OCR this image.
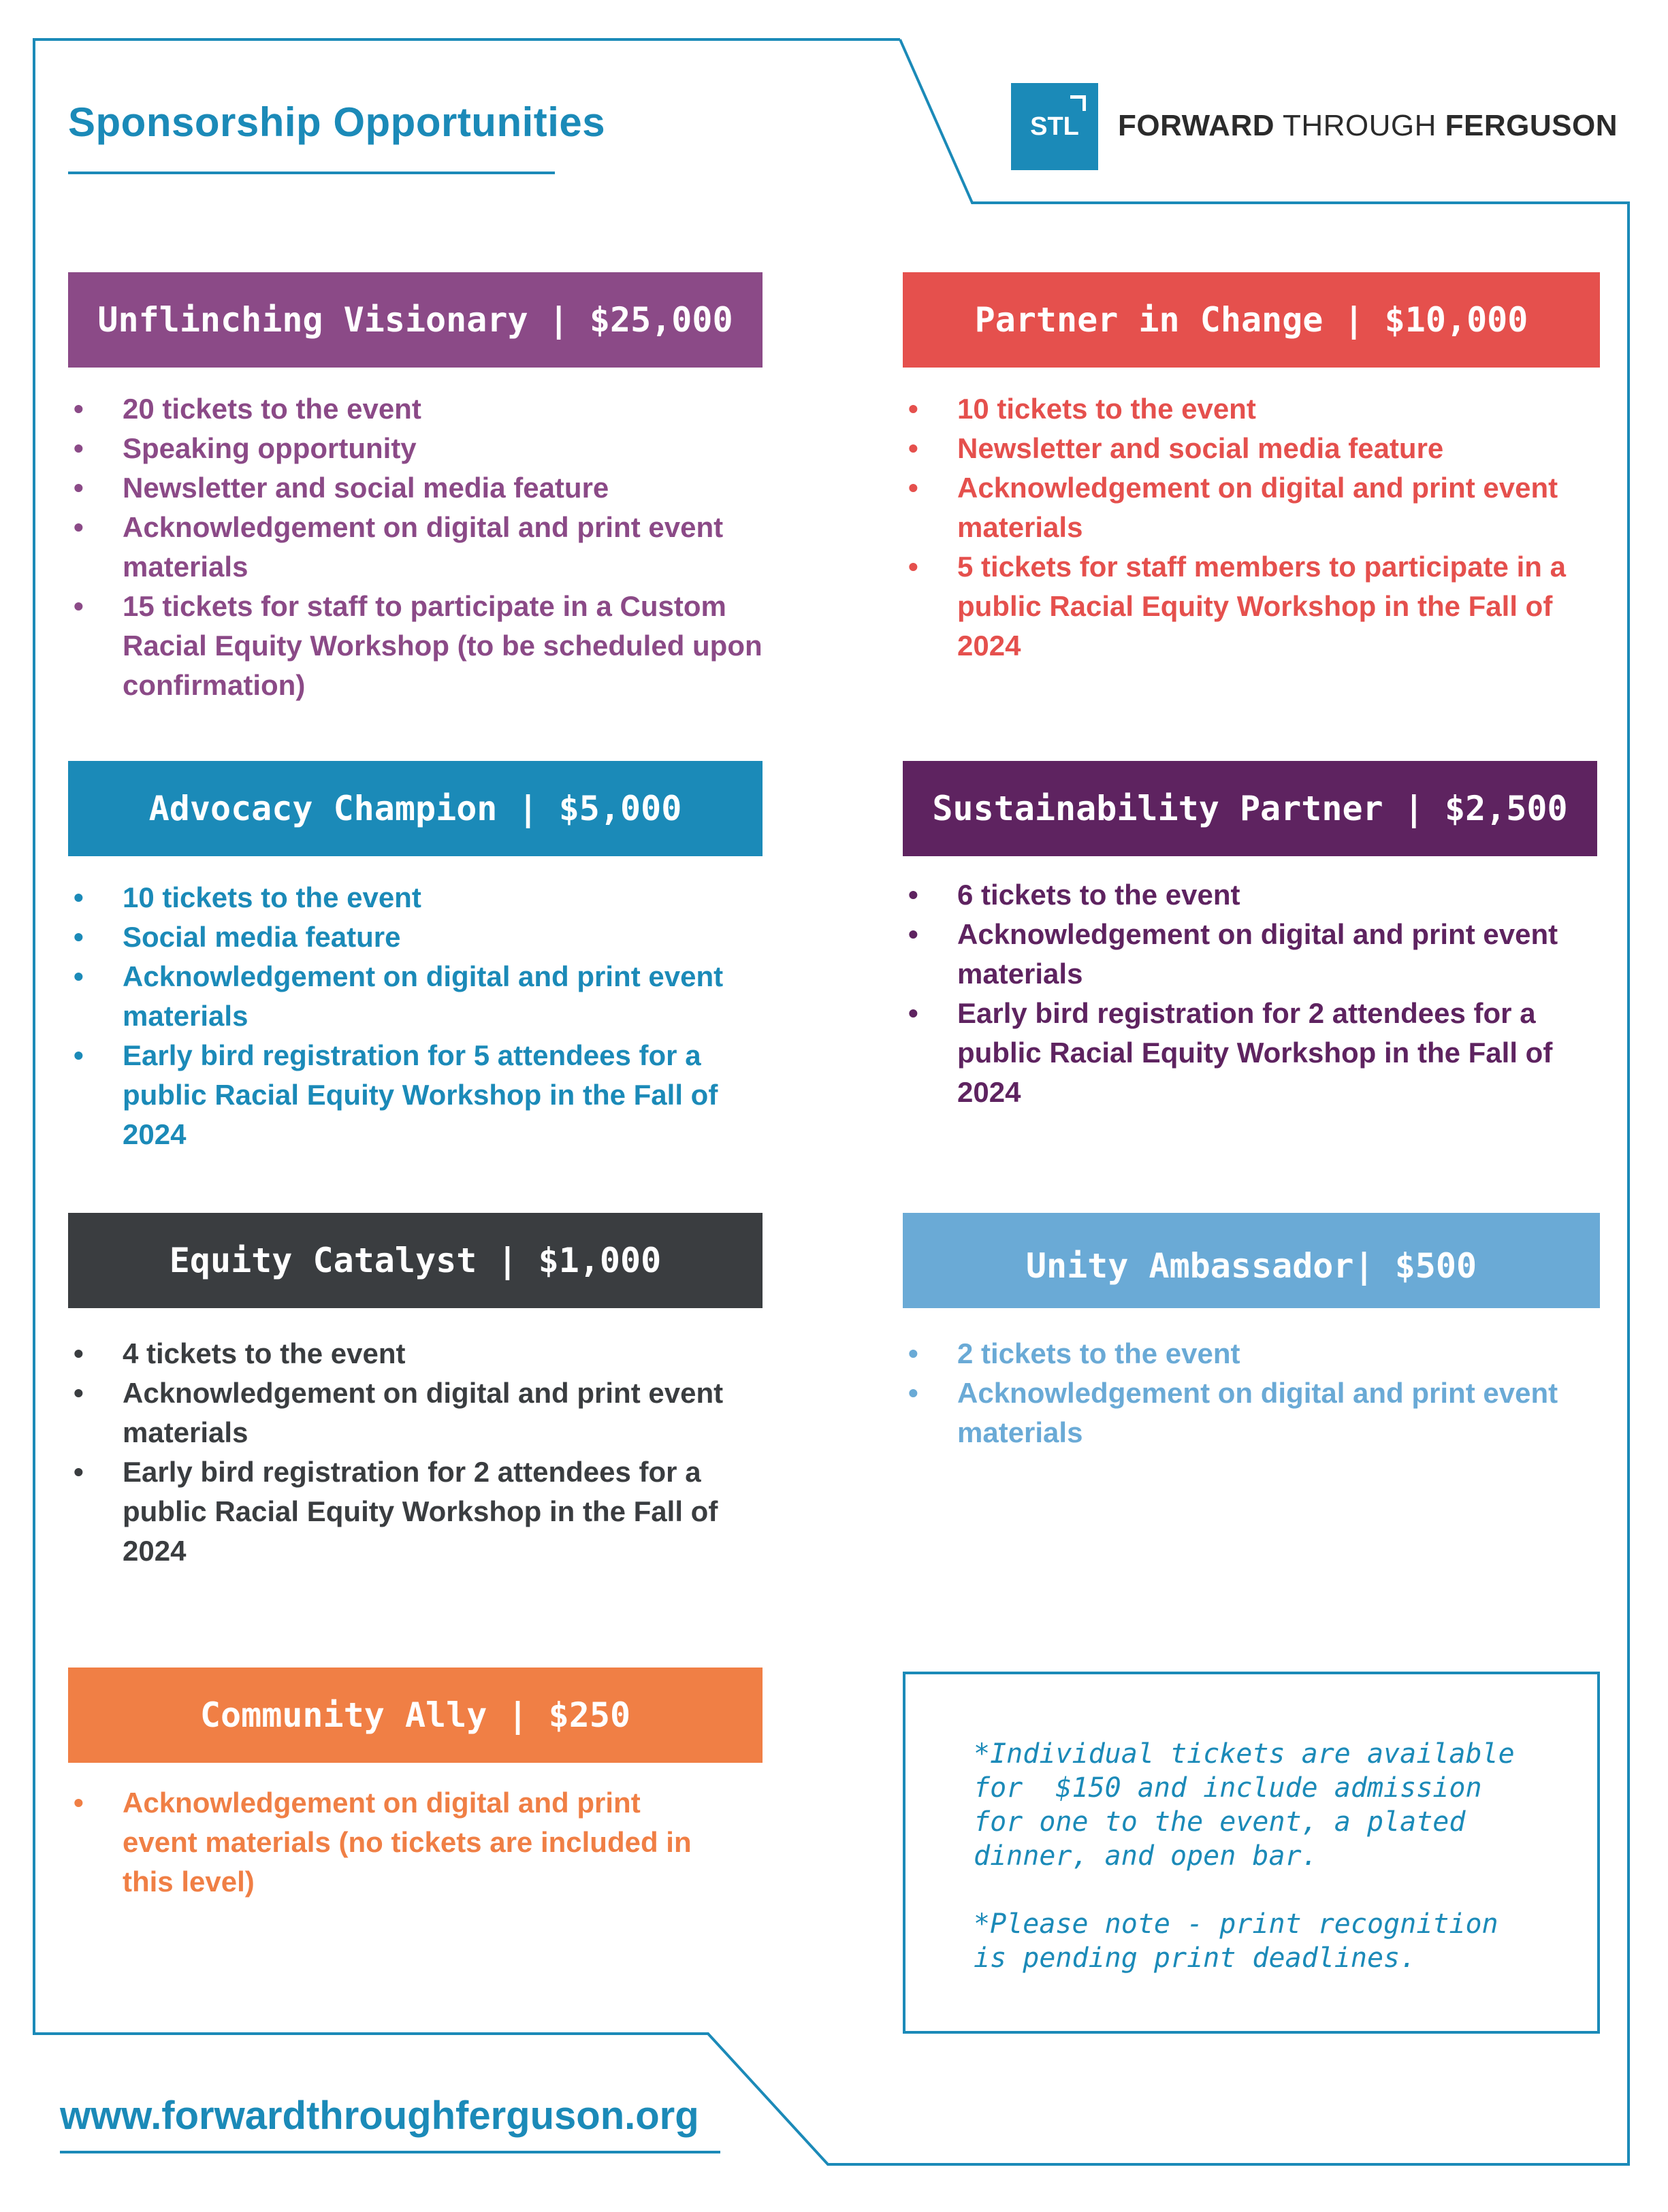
Sponsorship Opportunities	STL FORWARD THROUGH FERGUSON
Unflinching Visionary | $25,000
• 20 tickets to the event
• Speaking opportunity
• Newsletter and social media feature
• Acknowledgement on digital and print event materials
• 15 tickets for staff to participate in a Custom Racial Equity Workshop (to be scheduled upon confirmation)
Partner in Change | $10,000
• 10 tickets to the event
• Newsletter and social media feature
• Acknowledgement on digital and print event materials
• 5 tickets for staff members to participate in a public Racial Equity Workshop in the Fall of 2024
Advocacy Champion | $5,000
• 10 tickets to the event
• Social media feature
• Acknowledgement on digital and print event materials
• Early bird registration for 5 attendees for a public Racial Equity Workshop in the Fall of 2024
Sustainability Partner | $2,500
• 6 tickets to the event
• Acknowledgement on digital and print event materials
• Early bird registration for 2 attendees for a public Racial Equity Workshop in the Fall of 2024
Equity Catalyst | $1,000
• 4 tickets to the event
• Acknowledgement on digital and print event materials
• Early bird registration for 2 attendees for a public Racial Equity Workshop in the Fall of 2024
Unity Ambassador| $500
• 2 tickets to the event
• Acknowledgement on digital and print event materials
Community Ally | $250
• Acknowledgement on digital and print event materials (no tickets are included in this level)

*Individual tickets are available
for  $150 and include admission
for one to the event, a plated
dinner, and open bar.

*Please note - print recognition
is pending print deadlines.

www.forwardthroughferguson.org
